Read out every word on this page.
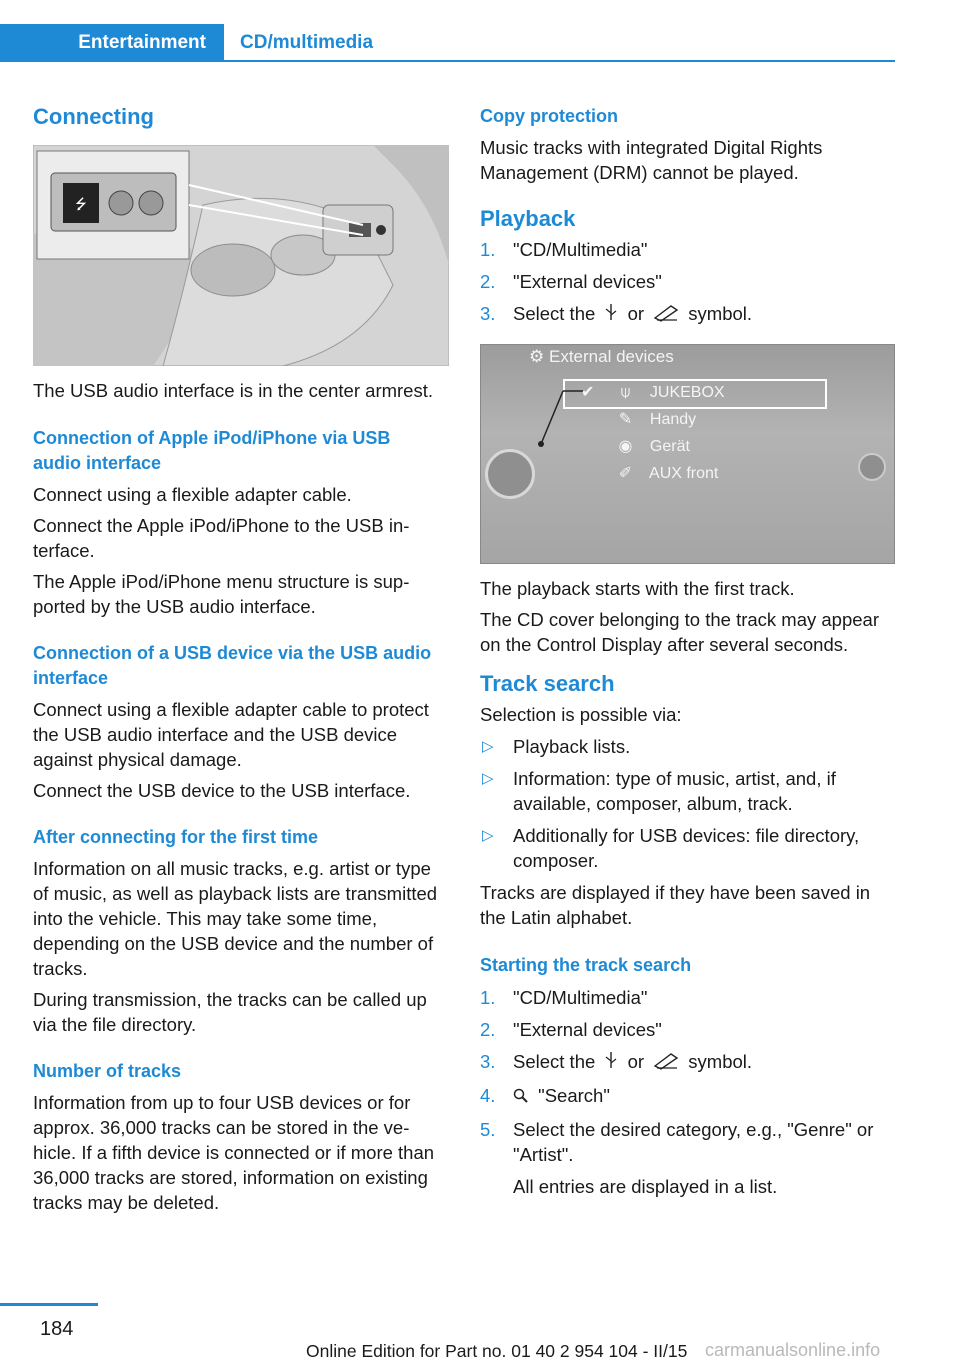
Entertainment	CD/multimedia
Connecting
⭍
The USB audio interface is in the center armrest.
Connection of Apple iPod/iPhone via USB audio interface
Connect using a flexible adapter cable.
Connect the Apple iPod/iPhone to the USB interface.
The Apple iPod/iPhone menu structure is supported by the USB audio interface.
Connection of a USB device via the USB audio interface
Connect using a flexible adapter cable to protect the USB audio interface and the USB device against physical damage.
Connect the USB device to the USB interface.
After connecting for the first time
Information on all music tracks, e.g. artist or type of music, as well as playback lists are transmitted into the vehicle. This may take some time, depending on the USB device and the number of tracks.
During transmission, the tracks can be called up via the file directory.
Number of tracks
Information from up to four USB devices or for approx. 36,000 tracks can be stored in the vehicle. If a fifth device is connected or if more than 36,000 tracks are stored, information on existing tracks may be deleted.
Copy protection
Music tracks with integrated Digital Rights Management (DRM) cannot be played.
Playback
1. "CD/Multimedia"
2. "External devices"
3. Select the or symbol.
⚙ External devices
✔ ⍦ JUKEBOX
✎ Handy
◉ Gerät
✐ AUX front
The playback starts with the first track.
The CD cover belonging to the track may appear on the Control Display after several seconds.
Track search
Selection is possible via:
▷ Playback lists.
▷ Information: type of music, artist, and, if available, composer, album, track.
▷ Additionally for USB devices: file directory, composer.
Tracks are displayed if they have been saved in the Latin alphabet.
Starting the track search
1. "CD/Multimedia"
2. "External devices"
3. Select the or symbol.
4. "Search"
5. Select the desired category, e.g., "Genre" or "Artist".
All entries are displayed in a list.
184
Online Edition for Part no. 01 40 2 954 104 - II/15 carmanualsonline.info
